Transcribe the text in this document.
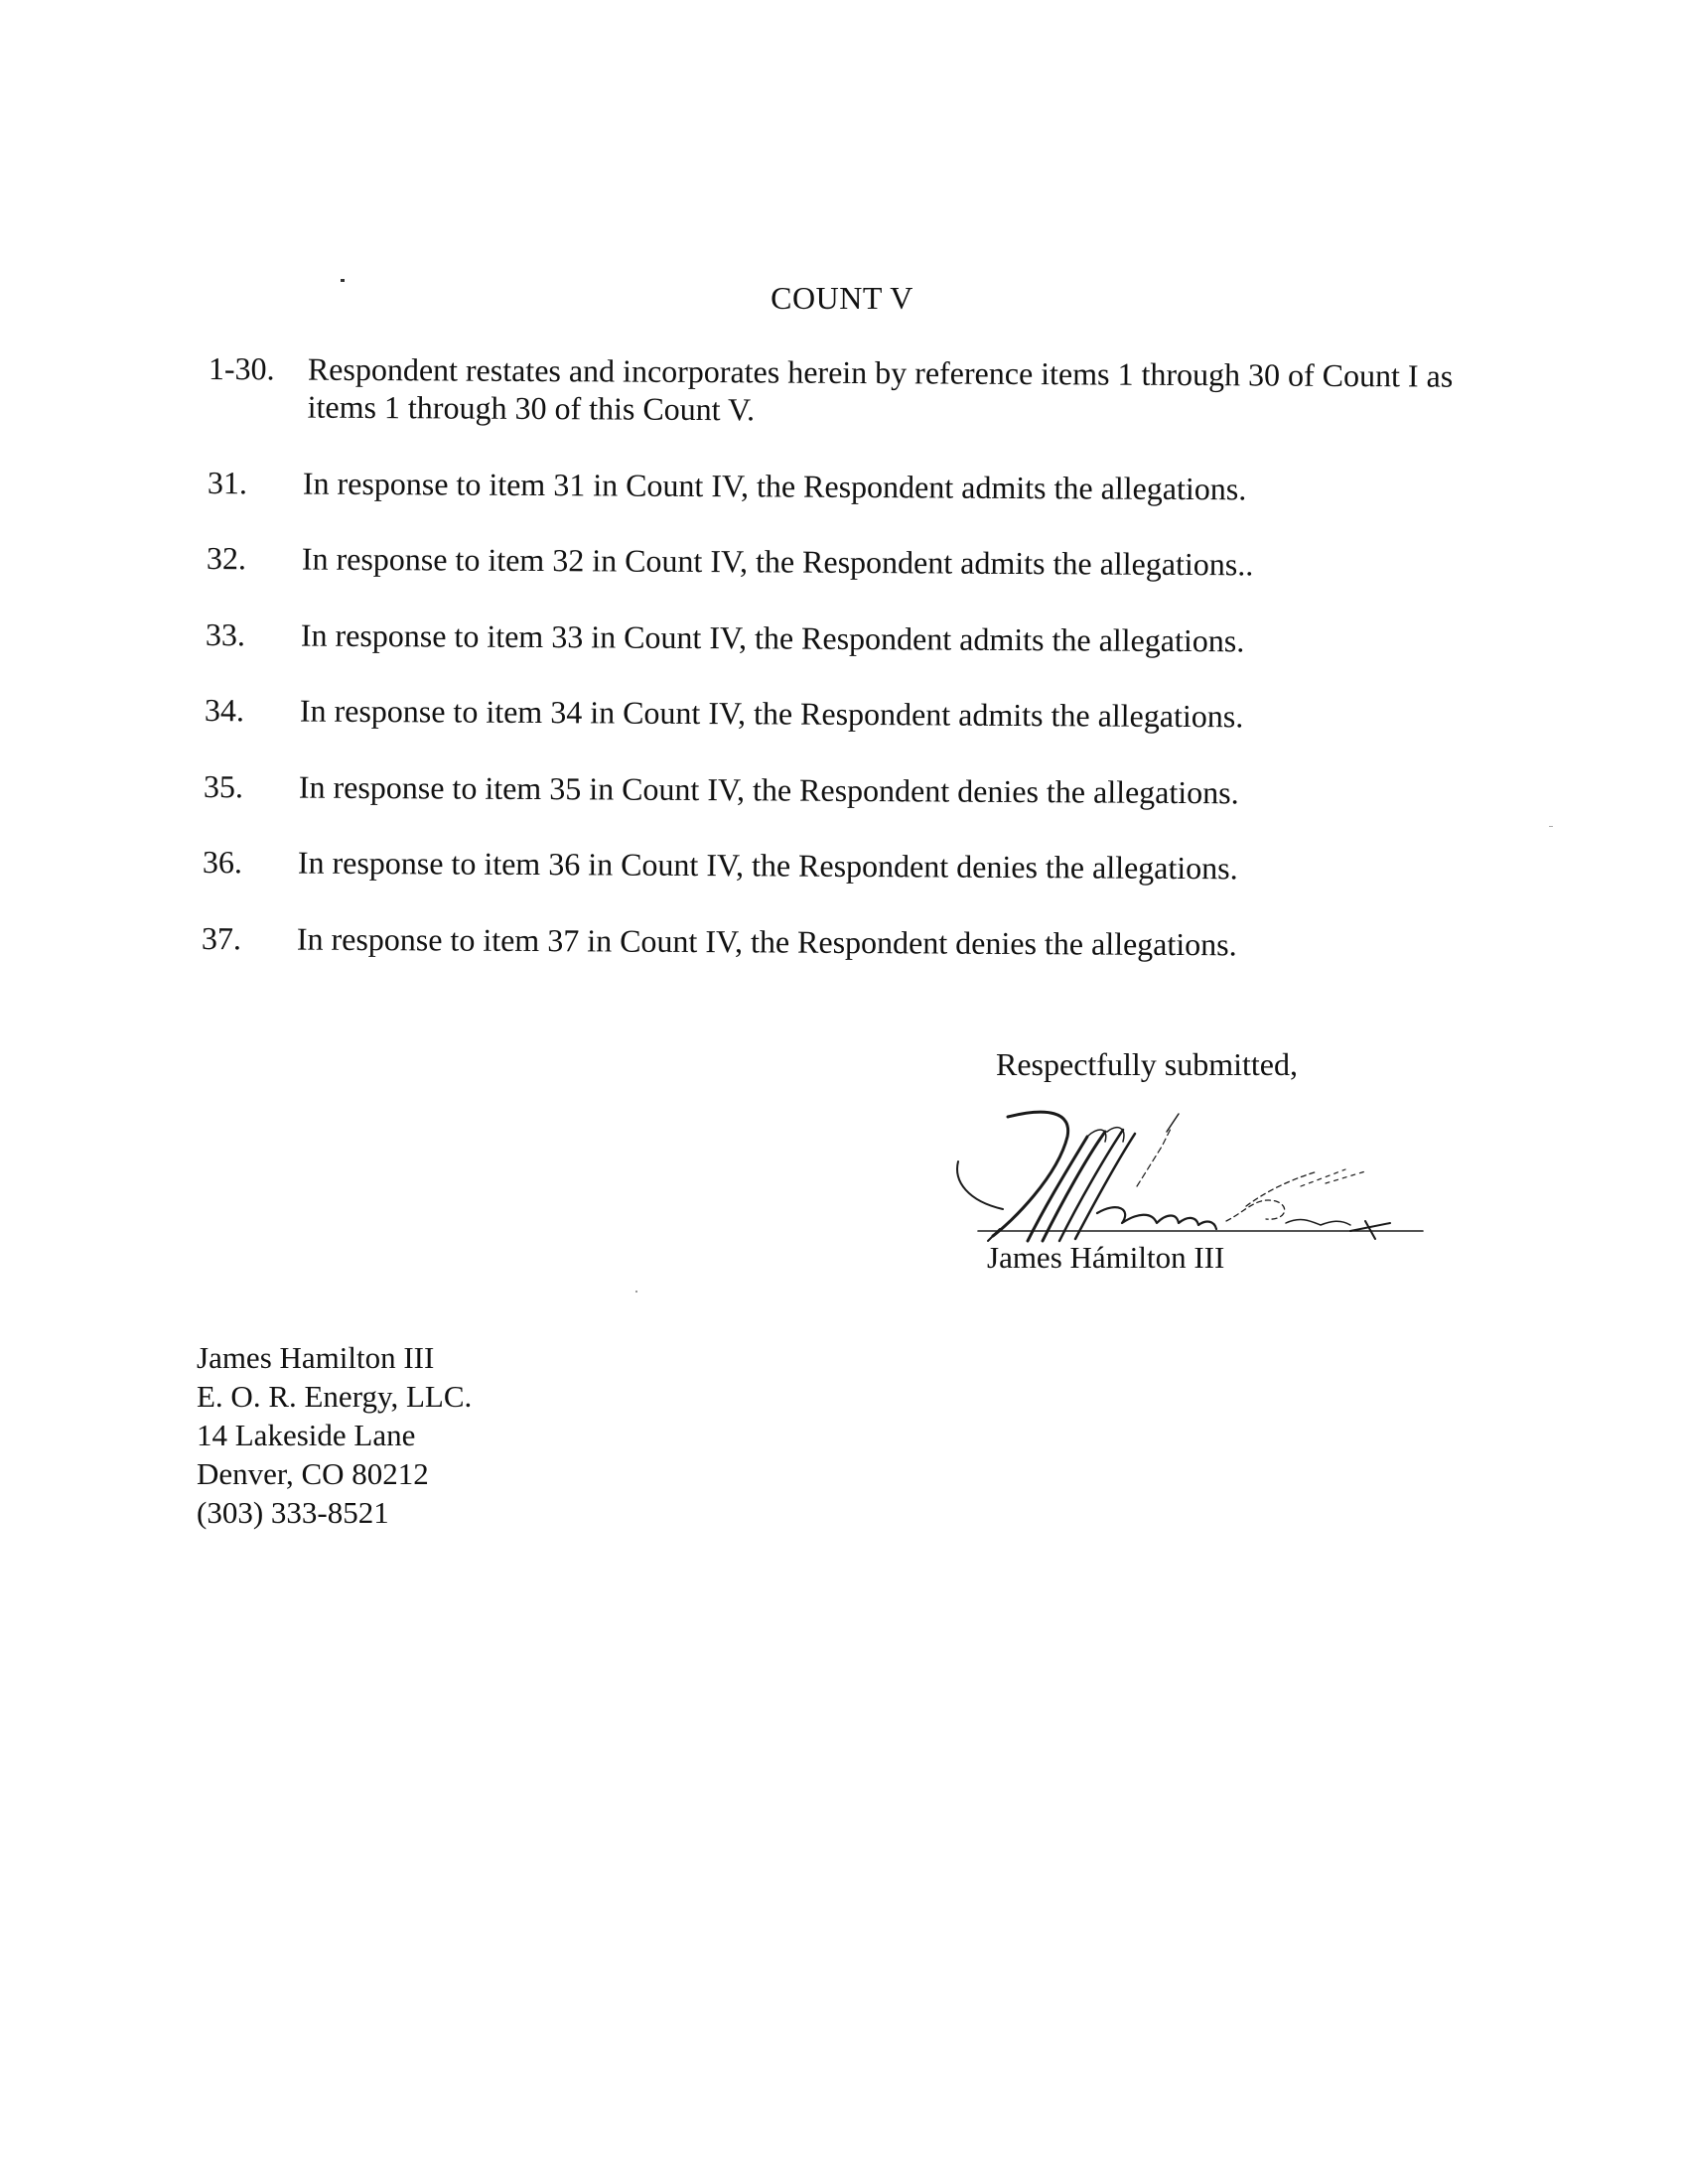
COUNT V
1-30. Respondent restates and incorporates herein by reference items 1 through 30 of Count I as
items 1 through 30 of this Count V.
31. In response to item 31 in Count IV, the Respondent admits the allegations.
32. In response to item 32 in Count IV, the Respondent admits the allegations..
33. In response to item 33 in Count IV, the Respondent admits the allegations.
34. In response to item 34 in Count IV, the Respondent admits the allegations.
35. In response to item 35 in Count IV, the Respondent denies the allegations.
36. In response to item 36 in Count IV, the Respondent denies the allegations.
37. In response to item 37 in Count IV, the Respondent denies the allegations.
Respectfully submitted,
James Hámilton III
James Hamilton III
E. O. R. Energy, LLC.
14 Lakeside Lane
Denver, CO 80212
(303) 333-8521
